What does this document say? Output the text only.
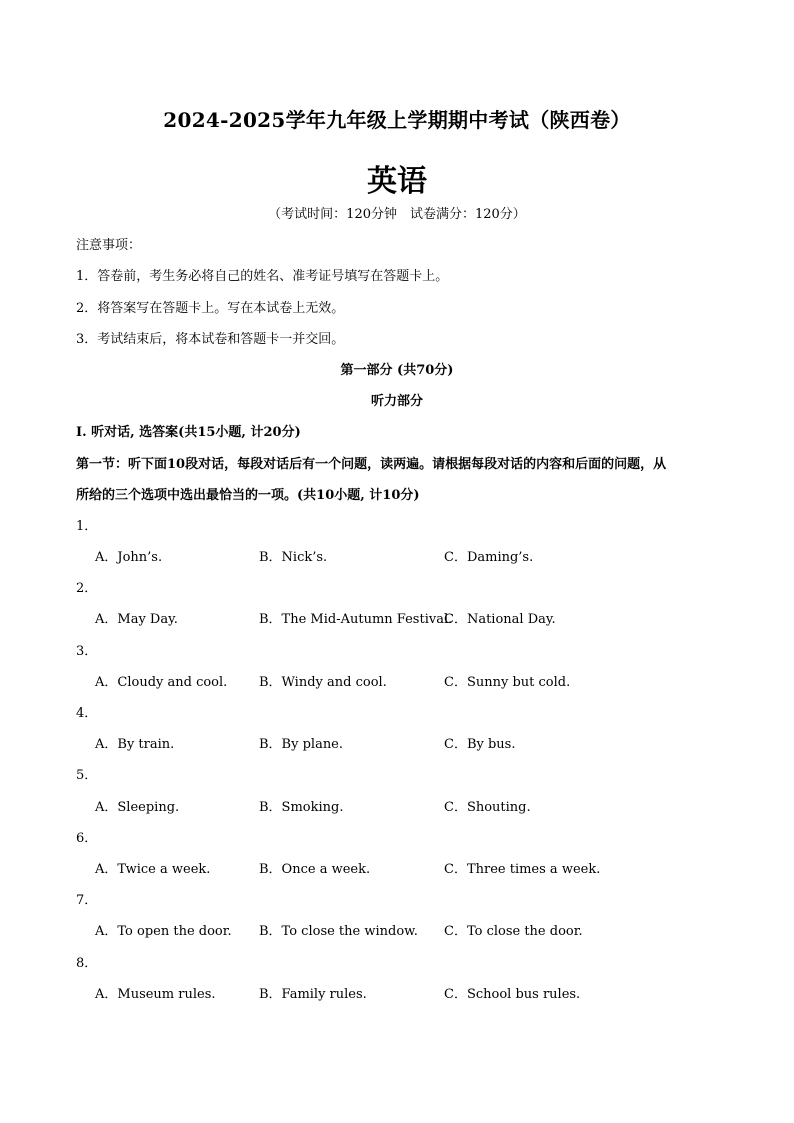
2024-2025学年九年级上学期期中考试（陕西卷）
英语
（考试时间：120分钟　试卷满分：120分）
注意事项：
1．答卷前，考生务必将自己的姓名、准考证号填写在答题卡上。
2．将答案写在答题卡上。写在本试卷上无效。
3．考试结束后，将本试卷和答题卡一并交回。
第一部分 (共70分)
听力部分
I. 听对话, 选答案(共15小题, 计20分)
第一节：听下面10段对话，每段对话后有一个问题，读两遍。请根据每段对话的内容和后面的问题，从
所给的三个选项中选出最恰当的一项。(共10小题, 计10分)
1．
A．John’s.	B．Nick’s.	C．Daming’s.
2．
A．May Day.	B．The Mid-Autumn Festival.
C．National Day.
3．
A．Cloudy and cool. B．Windy and cool.	C．Sunny but cold.
4．
A．By train.	B．By plane.	C．By bus.
5．
A．Sleeping.	B．Smoking.	C．Shouting.
6．
A．Twice a week.	B．Once a week.	C．Three times a week.
7．
A．To open the door. B．To close the window. C．To close the door.
8．
A．Museum rules.	B．Family rules.	C．School bus rules.
